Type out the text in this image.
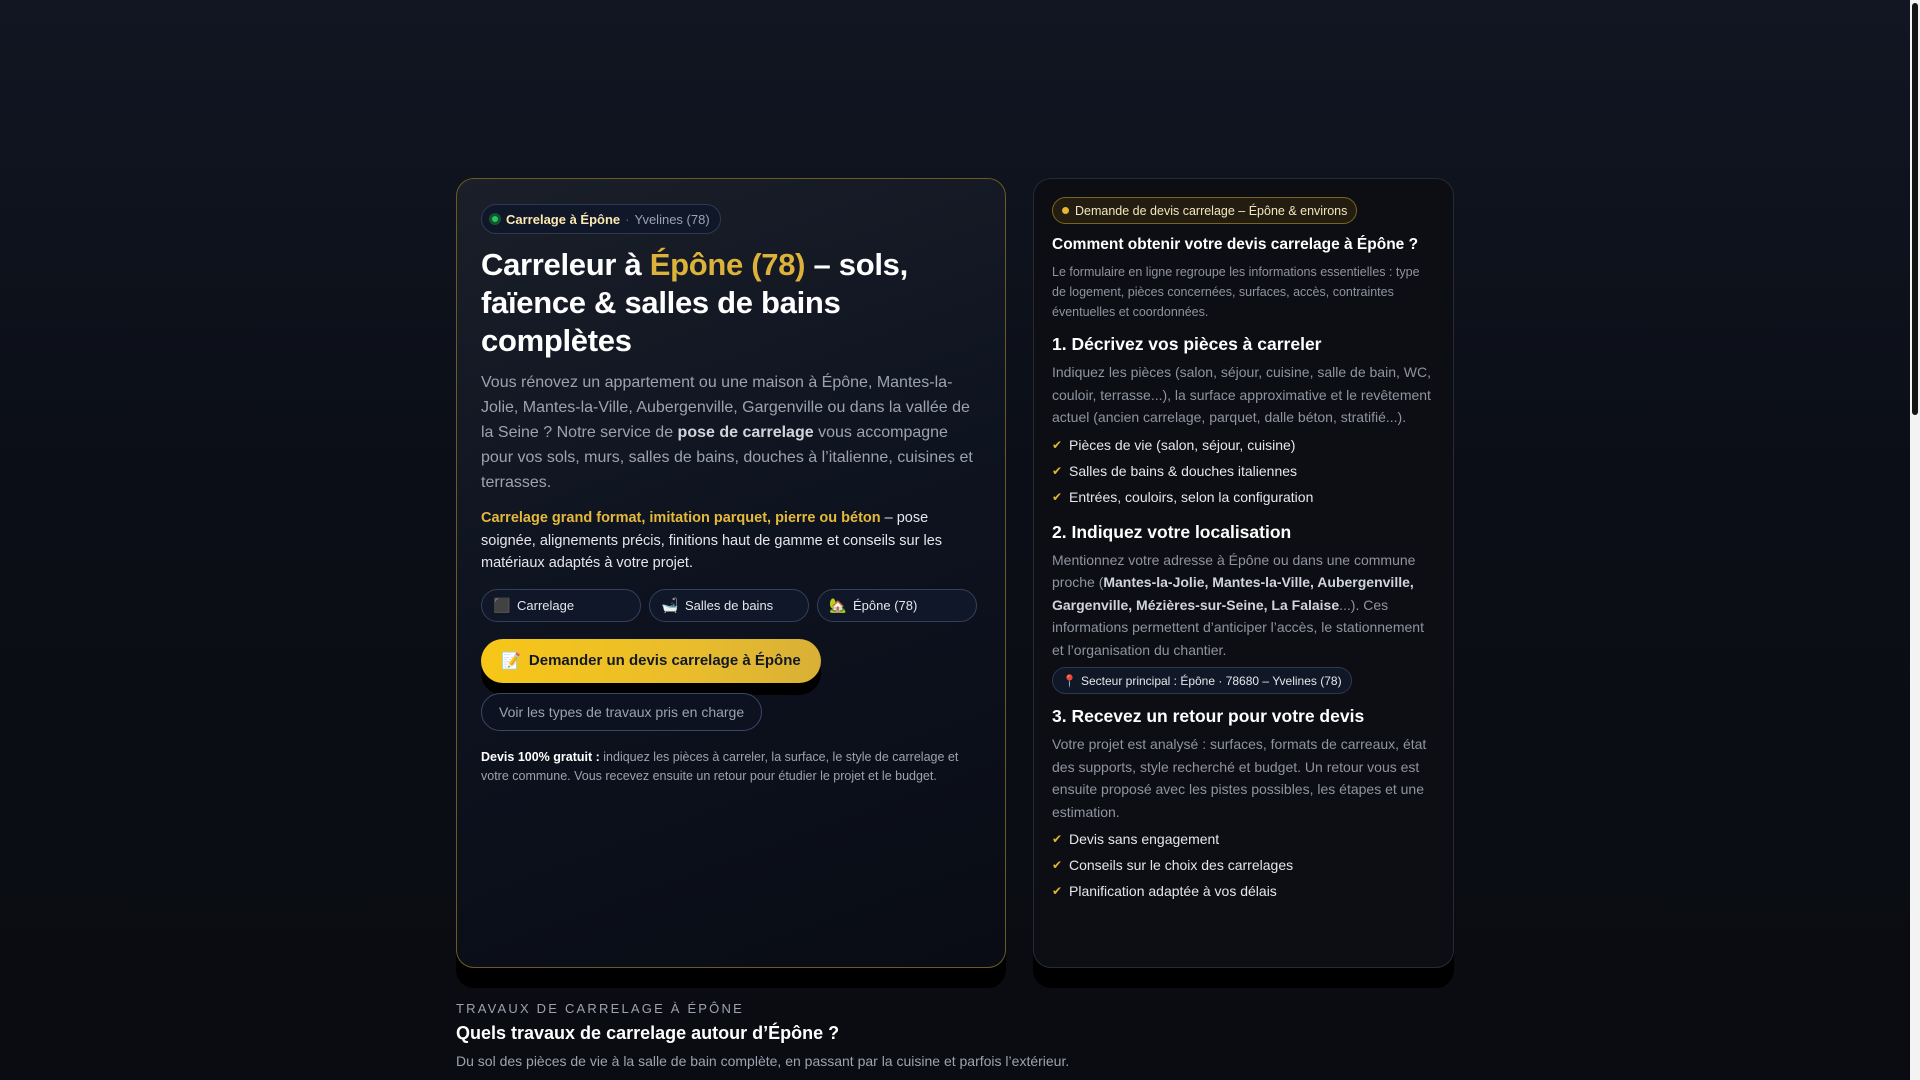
Carrelage à Épône · Yvelines (78)
Carreleur à Épône (78) – sols, faïence & salles de bains complètes

Vous rénovez un appartement ou une maison à Épône, Mantes-la-Jolie, Mantes-la-Ville, Aubergenville, Gargenville ou dans la vallée de la Seine ? Notre service de pose de carrelage vous accompagne pour vos sols, murs, salles de bains, douches à l’italienne, cuisines et terrasses.

Carrelage grand format, imitation parquet, pierre ou béton – pose soignée, alignements précis, finitions haut de gamme et conseils sur les matériaux adaptés à votre projet.

⬛ Carrelage	🛁 Salles de bains	🏡 Épône (78)
📝 Demander un devis carrelage à Épône
Voir les types de travaux pris en charge

Devis 100% gratuit : indiquez les pièces à carreler, la surface, le style de carrelage et votre commune. Vous recevez ensuite un retour pour étudier le projet et le budget.

Demande de devis carrelage – Épône & environs
Comment obtenir votre devis carrelage à Épône ?

Le formulaire en ligne regroupe les informations essentielles : type de logement, pièces concernées, surfaces, accès, contraintes éventuelles et coordonnées.

1. Décrivez vos pièces à carreler

Indiquez les pièces (salon, séjour, cuisine, salle de bain, WC, couloir, terrasse...), la surface approximative et le revêtement actuel (ancien carrelage, parquet, dalle béton, stratifié...).

✔ Pièces de vie (salon, séjour, cuisine)
✔ Salles de bains & douches italiennes
✔ Entrées, couloirs, selon la configuration
2. Indiquez votre localisation

Mentionnez votre adresse à Épône ou dans une commune proche (Mantes-la-Jolie, Mantes-la-Ville, Aubergenville, Gargenville, Mézières-sur-Seine, La Falaise...). Ces informations permettent d’anticiper l’accès, le stationnement et l’organisation du chantier.

📍 Secteur principal : Épône · 78680 – Yvelines (78)
3. Recevez un retour pour votre devis

Votre projet est analysé : surfaces, formats de carreaux, état des supports, style recherché et budget. Un retour vous est ensuite proposé avec les pistes possibles, les étapes et une estimation.

✔ Devis sans engagement
✔ Conseils sur le choix des carrelages
✔ Planification adaptée à vos délais
TRAVAUX DE CARRELAGE À ÉPÔNE
Quels travaux de carrelage autour d’Épône ?
Du sol des pièces de vie à la salle de bain complète, en passant par la cuisine et parfois l’extérieur.
